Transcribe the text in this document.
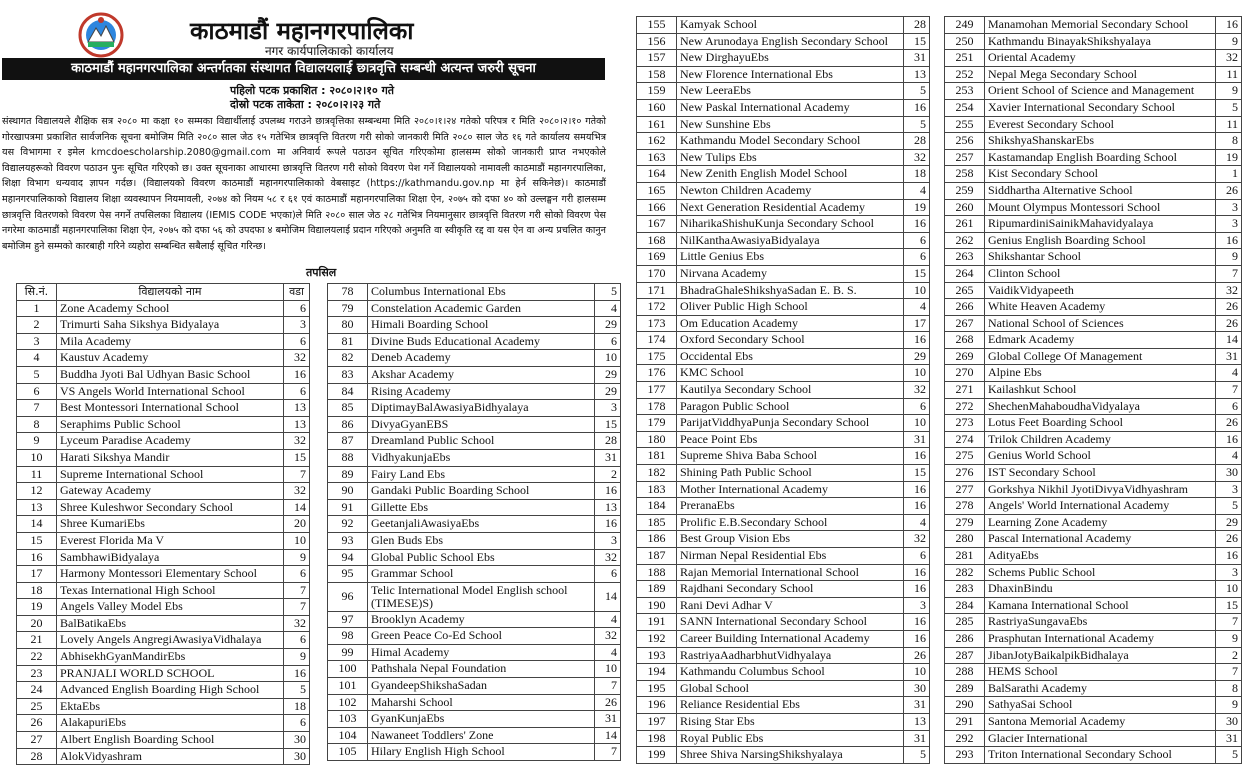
काठमाडौं महानगरपालिका
नगर कार्यपालिकाको कार्यालय
काठमाडौं महानगरपालिका अन्तर्गतका संस्थागत विद्यालयलाई छात्रवृत्ति सम्बन्धी अत्यन्त जरुरी सूचना
पहिलो पटक प्रकाशित : २०८०।२।१० गते
दोस्रो पटक ताकेता : २०८०।२।२३ गते
संस्थागत विद्यालयले शैक्षिक सत्र २०८० मा कक्षा १० सम्मका विद्यार्थीलाई उपलब्ध गराउने छात्रवृत्तिका सम्बन्धमा मिति २०८०।१।२४ गतेको परिपत्र र मिति २०८०।२।१० गतेको गोरखापत्रमा प्रकाशित सार्वजनिक सूचना बमोजिम मिति २०८० साल जेठ १५ गतेभित्र छात्रवृत्ति वितरण गरी सोको जानकारी मिति २०८० साल जेठ १६ गते कार्यालय समयभित्र यस विभागमा र इमेल kmcdoescholarship.2080@gmail.com मा अनिवार्य रूपले पठाउन सूचित गरिएकोमा हालसम्म सोको जानकारी प्राप्त नभएकोले विद्यालयहरूको विवरण पठाउन पुनः सूचित गरिएको छ। उक्त सूचनाका आधारमा छात्रवृत्ति वितरण गरी सोको विवरण पेश गर्ने विद्यालयको नामावली काठमाडौं महानगरपालिका, शिक्षा विभाग धन्यवाद ज्ञापन गर्दछ। (विद्यालयको विवरण काठमाडौं महानगरपालिकाको वेबसाइट (https://kathmandu.gov.np मा हेर्न सकिनेछ)। काठमाडौं महानगरपालिकाको विद्यालय शिक्षा व्यवस्थापन नियमावली, २०७४ को नियम ५८ र ६१ एवं काठमाडौं महानगरपालिका शिक्षा ऐन, २०७५ को दफा ४० को उल्लङ्घन गरी हालसम्म छात्रवृत्ति वितरणको विवरण पेस नगर्ने तपसिलका विद्यालय (IEMIS CODE भएका)ले मिति २०८० साल जेठ २८ गतेभित्र नियमानुसार छात्रवृत्ति वितरण गरी सोको विवरण पेस नगरेमा काठमाडौं महानगरपालिका शिक्षा ऐन, २०७५ को दफा ५६ को उपदफा ४ बमोजिम विद्यालयलाई प्रदान गरिएको अनुमति वा स्वीकृति रद्द वा यस ऐन वा अन्य प्रचलित कानुन बमोजिम हुने सम्मको कारबाही गरिने व्यहोरा सम्बन्धित सबैलाई सूचित गरिन्छ।
तपसिल
सि.नं.	विद्यालयको नाम	वडा
1	Zone Academy School	6
2	Trimurti Saha Sikshya Bidyalaya	3
3	Mila Academy	6
4	Kaustuv Academy	32
5	Buddha Jyoti Bal Udhyan Basic School	16
6	VS Angels World International School	6
7	Best Montessori International School	13
8	Seraphims Public School	13
9	Lyceum Paradise Academy	32
10	Harati Sikshya Mandir	15
11	Supreme International School	7
12	Gateway Academy	32
13	Shree Kuleshwor Secondary School	14
14	Shree KumariEbs	20
15	Everest Florida Ma V	10
16	SambhawiBidyalaya	9
17	Harmony Montessori Elementary School	6
18	Texas International High School	7
19	Angels Valley Model Ebs	7
20	BalBatikaEbs	32
21	Lovely Angels AngregiAwasiyaVidhalaya	6
22	AbhisekhGyanMandirEbs	9
23	PRANJALI WORLD SCHOOL	16
24	Advanced English Boarding High School	5
25	EktaEbs	18
26	AlakapuriEbs	6
27	Albert English Boarding School	30
28	AlokVidyashram	30
78	Columbus International Ebs	5
79	Constelation Academic Garden	4
80	Himali Boarding School	29
81	Divine Buds Educational Academy	6
82	Deneb Academy	10
83	Akshar Academy	29
84	Rising Academy	29
85	DiptimayBalAwasiyaBidhyalaya	3
86	DivyaGyanEBS	15
87	Dreamland Public School	28
88	VidhyakunjaEbs	31
89	Fairy Land Ebs	2
90	Gandaki Public Boarding School	16
91	Gillette Ebs	13
92	GeetanjaliAwasiyaEbs	16
93	Glen Buds Ebs	3
94	Global Public School Ebs	32
95	Grammar School	6
96	Telic International Model English school (TIMESE)S)	14
97	Brooklyn Academy	4
98	Green Peace Co-Ed School	32
99	Himal Academy	4
100	Pathshala Nepal Foundation	10
101	GyandeepShikshaSadan	7
102	Maharshi School	26
103	GyanKunjaEbs	31
104	Nawaneet Toddlers' Zone	14
105	Hilary English High School	7
155	Kamyak School	28
156	New Arunodaya English Secondary School	15
157	New DirghayuEbs	31
158	New Florence International Ebs	13
159	New LeeraEbs	5
160	New Paskal International Academy	16
161	New Sunshine Ebs	5
162	Kathmandu Model Secondary School	28
163	New Tulips Ebs	32
164	New Zenith English Model School	18
165	Newton Children Academy	4
166	Next Generation Residential Academy	19
167	NiharikaShishuKunja Secondary School	16
168	NilKanthaAwasiyaBidyalaya	6
169	Little Genius Ebs	6
170	Nirvana Academy	15
171	BhadraGhaleShikshyaSadan E. B. S.	10
172	Oliver Public High School	4
173	Om Education Academy	17
174	Oxford Secondary School	16
175	Occidental Ebs	29
176	KMC School	10
177	Kautilya Secondary School	32
178	Paragon Public School	6
179	ParijatViddhyaPunja Secondary School	10
180	Peace Point Ebs	31
181	Supreme Shiva Baba School	16
182	Shining Path Public School	15
183	Mother International Academy	16
184	PreranaEbs	16
185	Prolific E.B.Secondary School	4
186	Best Group Vision Ebs	32
187	Nirman Nepal Residential Ebs	6
188	Rajan Memorial International School	16
189	Rajdhani Secondary School	16
190	Rani Devi Adhar V	3
191	SANN International Secondary School	16
192	Career Building International Academy	16
193	RastriyaAadharbhutVidhyalaya	26
194	Kathmandu Columbus School	10
195	Global School	30
196	Reliance Residential Ebs	31
197	Rising Star Ebs	13
198	Royal Public Ebs	31
199	Shree Shiva NarsingShikshyalaya	5
249	Manamohan Memorial Secondary School	16
250	Kathmandu BinayakShikshyalaya	9
251	Oriental Academy	32
252	Nepal Mega Secondary School	11
253	Orient School of Science and Management	9
254	Xavier International Secondary School	5
255	Everest Secondary School	11
256	ShikshyaShanskarEbs	8
257	Kastamandap English Boarding School	19
258	Kist Secondary School	1
259	Siddhartha Alternative School	26
260	Mount Olympus Montessori School	3
261	RipumardiniSainikMahavidyalaya	3
262	Genius English Boarding School	16
263	Shikshantar School	9
264	Clinton School	7
265	VaidikVidyapeeth	32
266	White Heaven Academy	26
267	National School of Sciences	26
268	Edmark Academy	14
269	Global College Of Management	31
270	Alpine Ebs	4
271	Kailashkut School	7
272	ShechenMahaboudhaVidyalaya	6
273	Lotus Feet Boarding School	26
274	Trilok Children Academy	16
275	Genius World School	4
276	IST Secondary School	30
277	Gorkshya Nikhil JyotiDivyaVidhyashram	3
278	Angels' World International Academy	5
279	Learning Zone Academy	29
280	Pascal International Academy	26
281	AdityaEbs	16
282	Schems Public School	3
283	DhaxinBindu	10
284	Kamana International School	15
285	RastriyaSungavaEbs	7
286	Prasphutan International Academy	9
287	JibanJotyBaikalpikBidhalaya	2
288	HEMS School	7
289	BalSarathi Academy	8
290	SathyaSai School	9
291	Santona Memorial Academy	30
292	Glacier International	31
293	Triton International Secondary School	5
